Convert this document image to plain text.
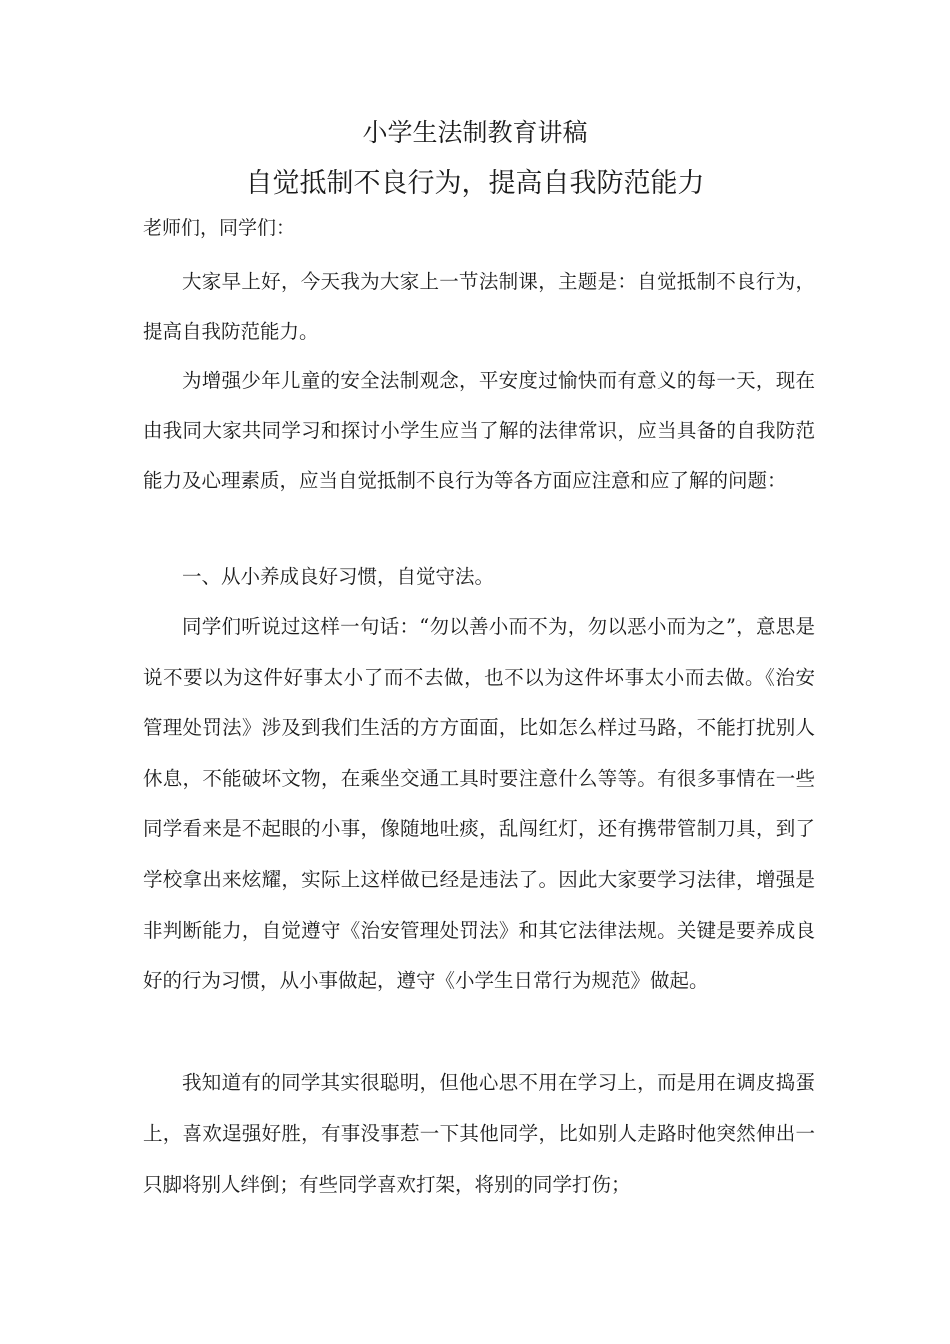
小学生法制教育讲稿
自觉抵制不良行为，提高自我防范能力
老师们，同学们：

大家早上好，今天我为大家上一节法制课，主题是：自觉抵制不良行为，提高自我防范能力。

为增强少年儿童的安全法制观念，平安度过愉快而有意义的每一天，现在由我同大家共同学习和探讨小学生应当了解的法律常识，应当具备的自我防范能力及心理素质，应当自觉抵制不良行为等各方面应注意和应了解的问题：

一、从小养成良好习惯，自觉守法。

同学们听说过这样一句话：“勿以善小而不为，勿以恶小而为之”，意思是说不要以为这件好事太小了而不去做，也不以为这件坏事太小而去做。《治安管理处罚法》涉及到我们生活的方方面面，比如怎么样过马路，不能打扰别人休息，不能破坏文物，在乘坐交通工具时要注意什么等等。有很多事情在一些同学看来是不起眼的小事，像随地吐痰，乱闯红灯，还有携带管制刀具，到了学校拿出来炫耀，实际上这样做已经是违法了。因此大家要学习法律，增强是非判断能力，自觉遵守《治安管理处罚法》和其它法律法规。关键是要养成良好的行为习惯，从小事做起，遵守《小学生日常行为规范》做起。

我知道有的同学其实很聪明，但他心思不用在学习上，而是用在调皮捣蛋上，喜欢逞强好胜，有事没事惹一下其他同学，比如别人走路时他突然伸出一只脚将别人绊倒；有些同学喜欢打架，将别的同学打伤；
